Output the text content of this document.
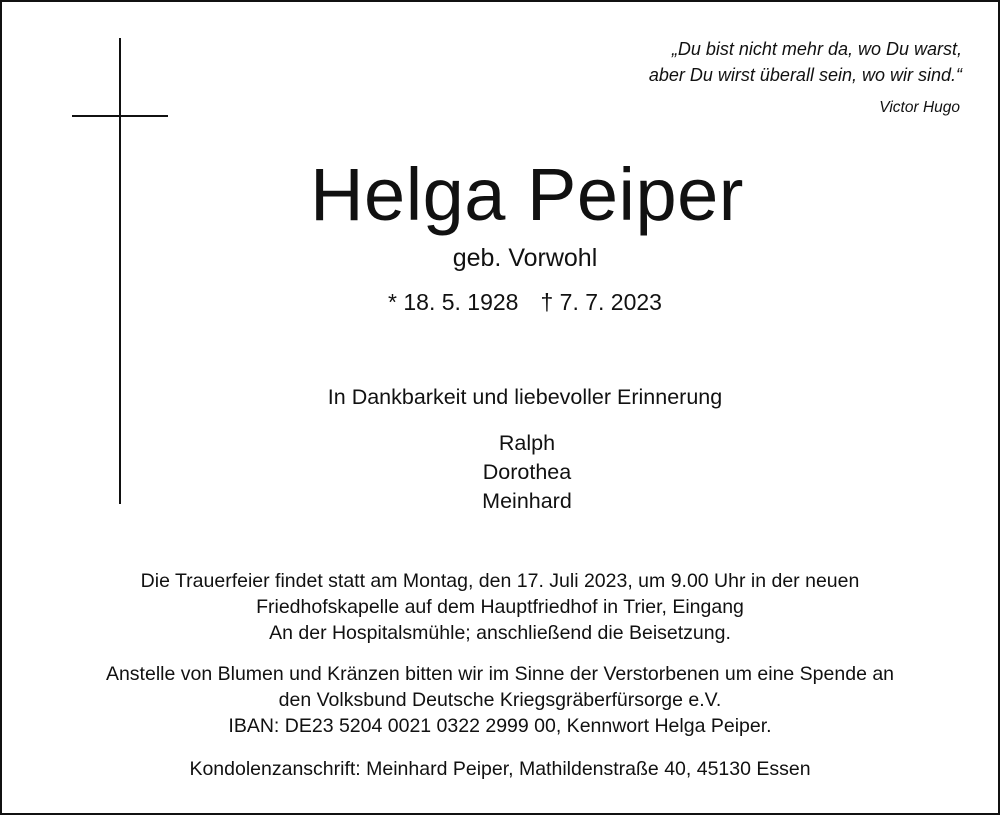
„Du bist nicht mehr da, wo Du warst,
aber Du wirst überall sein, wo wir sind.“
Victor Hugo
Helga Peiper
geb. Vorwohl
* 18. 5. 1928 † 7. 7. 2023
In Dankbarkeit und liebevoller Erinnerung
Ralph
Dorothea
Meinhard
Die Trauerfeier findet statt am Montag, den 17. Juli 2023, um 9.00 Uhr in der neuen
Friedhofskapelle auf dem Hauptfriedhof in Trier, Eingang
An der Hospitalsmühle; anschließend die Beisetzung.
Anstelle von Blumen und Kränzen bitten wir im Sinne der Verstorbenen um eine Spende an
den Volksbund Deutsche Kriegsgräberfürsorge e.V.
IBAN: DE23 5204 0021 0322 2999 00, Kennwort Helga Peiper.
Kondolenzanschrift: Meinhard Peiper, Mathildenstraße 40, 45130 Essen
